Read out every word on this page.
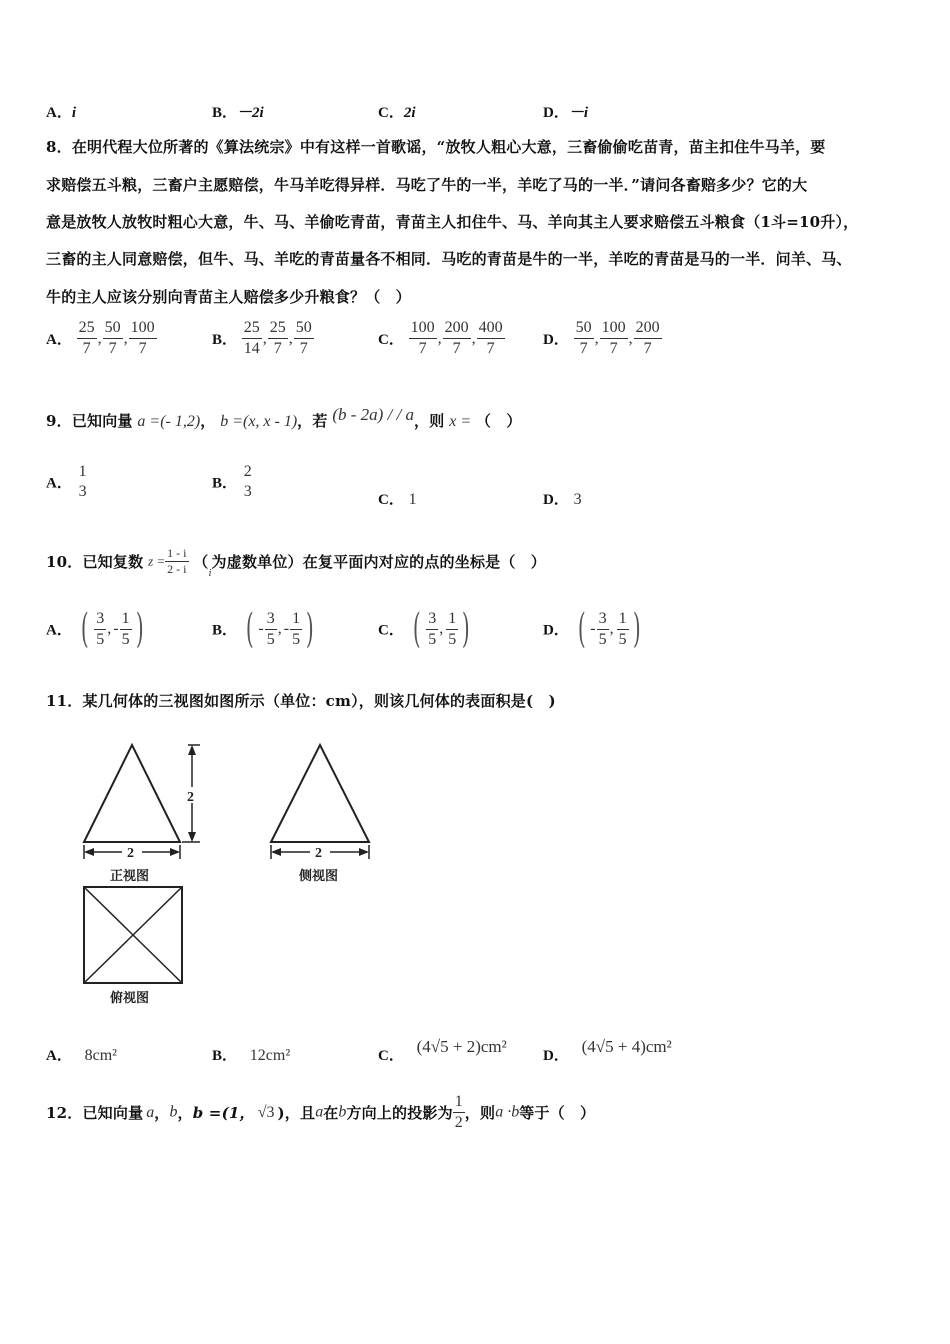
A．i	B．－2i	C．2i	D．－i
8．在明代程大位所著的《算法统宗》中有这样一首歌谣，“放牧人粗心大意，三畜偷偷吃苗青，苗主扣住牛马羊，要
求赔偿五斗粮，三畜户主愿赔偿，牛马羊吃得异样．马吃了牛的一半，羊吃了马的一半．”请问各畜赔多少？它的大
意是放牧人放牧时粗心大意，牛、马、羊偷吃青苗，青苗主人扣住牛、马、羊向其主人要求赔偿五斗粮食（1斗=10升），
三畜的主人同意赔偿，但牛、马、羊吃的青苗量各不相同．马吃的青苗是牛的一半，羊吃的青苗是马的一半．问羊、马、
牛的主人应该分别向青苗主人赔偿多少升粮食？（　）
A． $\frac{25}{7}$ , $\frac{50}{7}$ , $\frac{100}{7}$	B． $\frac{25}{14}$ , $\frac{25}{7}$ , $\frac{50}{7}$	C． $\frac{100}{7}$ , $\frac{200}{7}$ , $\frac{400}{7}$	D． $\frac{50}{7}$ , $\frac{100}{7}$ , $\frac{200}{7}$
9．已知向量 a =(- 1,2)， b =(x, x - 1)，若 (b - 2a) / / a，则 x = （　）
A．
1
3	B．
2
3	C． 1	D． 3
10．已知复数 $z = \frac{1 - i}{2 - i} (_i$为虚数单位）在复平面内对应的点的坐标是（　）
A． ( $\frac{3}{5}$ , - $\frac{1}{5}$ )	B． ( - $\frac{3}{5}$ , - $\frac{1}{5}$ )	C． ( $\frac{3}{5}$ , $\frac{1}{5}$ )	D． ( - $\frac{3}{5}$ , $\frac{1}{5}$ )
11．某几何体的三视图如图所示（单位：cm），则该几何体的表面积是(　)
2
2
正视图
2
侧视图
俯视图
A． 8cm²	B． 12cm²	C． (4√5 + 2)cm² D． (4√5 + 4)cm²
12．已知向量 a，b，b =(1， √3 )，且a在b方向上的投影为 $\frac{1}{2}$ ，则a ·b等于（　）
